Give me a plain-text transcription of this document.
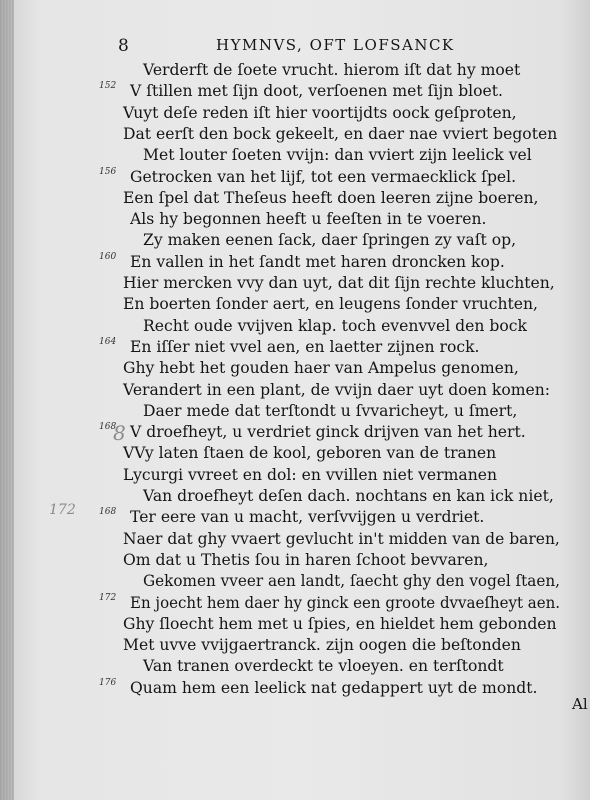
8	HYMNVS, OFT LOFSANCK
Verderft de ſoete vrucht. hierom iſt dat hy moet
152 V ſtillen met ſijn doot, verſoenen met ſijn bloet.
Vuyt deſe reden iſt hier voortijdts oock geſproten,
Dat eerſt den bock gekeelt, en daer nae vviert begoten
Met louter ſoeten vvijn: dan vviert zijn leelick vel
156 Getrocken van het lijf, tot een vermaecklick ſpel.
Een ſpel dat Theſeus heeft doen leeren zijne boeren,
Als hy begonnen heeft u feeſten in te voeren.
Zy maken eenen ſack, daer ſpringen zy vaſt op,
160 En vallen in het ſandt met haren droncken kop.
Hier mercken vvy dan uyt, dat dit ſijn rechte kluchten,
En boerten ſonder aert, en leugens ſonder vruchten,
Recht oude vvijven klap. toch evenvvel den bock
164 En iſſer niet vvel aen, en laetter zijnen rock.
Ghy hebt het gouden haer van Ampelus genomen,
Verandert in een plant, de vvijn daer uyt doen komen:
Daer mede dat terſtondt u ſvvaricheyt, u ſmert,
168 V droefheyt, u verdriet ginck drijven van het hert.
VVy laten ſtaen de kool, geboren van de tranen
Lycurgi vvreet en dol: en vvillen niet vermanen
Van droefheyt deſen dach. nochtans en kan ick niet,
168 Ter eere van u macht, verſvvijgen u verdriet.
Naer dat ghy vvaert gevlucht in't midden van de baren,
Om dat u Thetis ſou in haren ſchoot bevvaren,
Gekomen vveer aen landt, ſaecht ghy den vogel ſtaen,
172 En joecht hem daer hy ginck een groote dvvaeſheyt aen.
Ghy ſloecht hem met u ſpies, en hieldet hem gebonden
Met uvve vvijgaertranck. zijn oogen die beſtonden
Van tranen overdeckt te vloeyen. en terſtondt
176 Quam hem een leelick nat gedappert uyt de mondt.
172
8
Al
